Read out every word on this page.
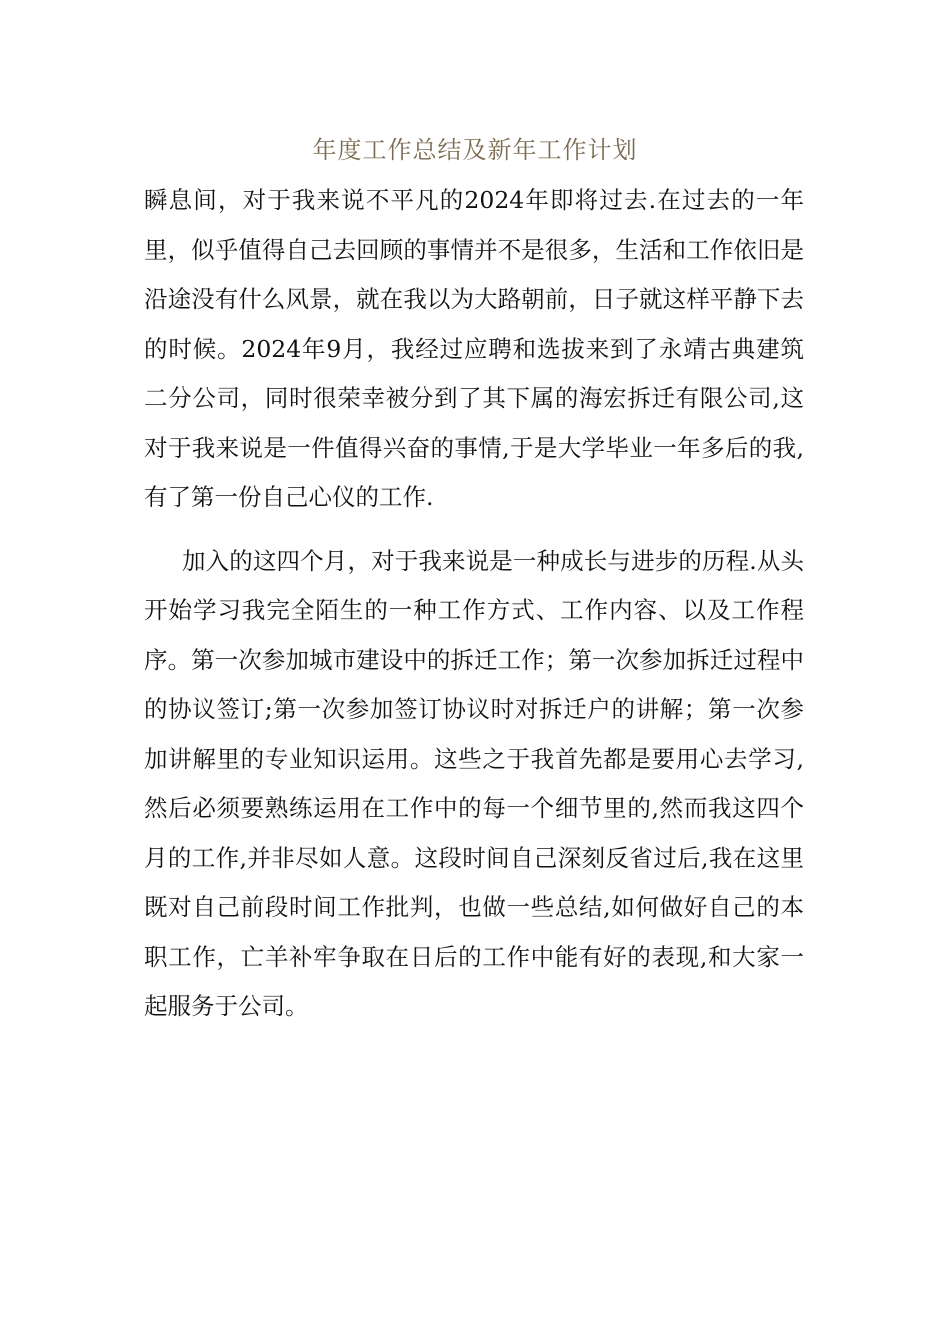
年度工作总结及新年工作计划

瞬息间，对于我来说不平凡的2024年即将过去.在过去的一年里，似乎值得自己去回顾的事情并不是很多，生活和工作依旧是沿途没有什么风景，就在我以为大路朝前，日子就这样平静下去的时候。2024年9月，我经过应聘和选拔来到了永靖古典建筑二分公司，同时很荣幸被分到了其下属的海宏拆迁有限公司,这对于我来说是一件值得兴奋的事情,于是大学毕业一年多后的我,有了第一份自己心仪的工作.

加入的这四个月，对于我来说是一种成长与进步的历程.从头开始学习我完全陌生的一种工作方式、工作内容、以及工作程序。第一次参加城市建设中的拆迁工作；第一次参加拆迁过程中的协议签订;第一次参加签订协议时对拆迁户的讲解；第一次参加讲解里的专业知识运用。这些之于我首先都是要用心去学习,然后必须要熟练运用在工作中的每一个细节里的,然而我这四个月的工作,并非尽如人意。这段时间自己深刻反省过后,我在这里既对自己前段时间工作批判，也做一些总结,如何做好自己的本职工作，亡羊补牢争取在日后的工作中能有好的表现,和大家一起服务于公司。
